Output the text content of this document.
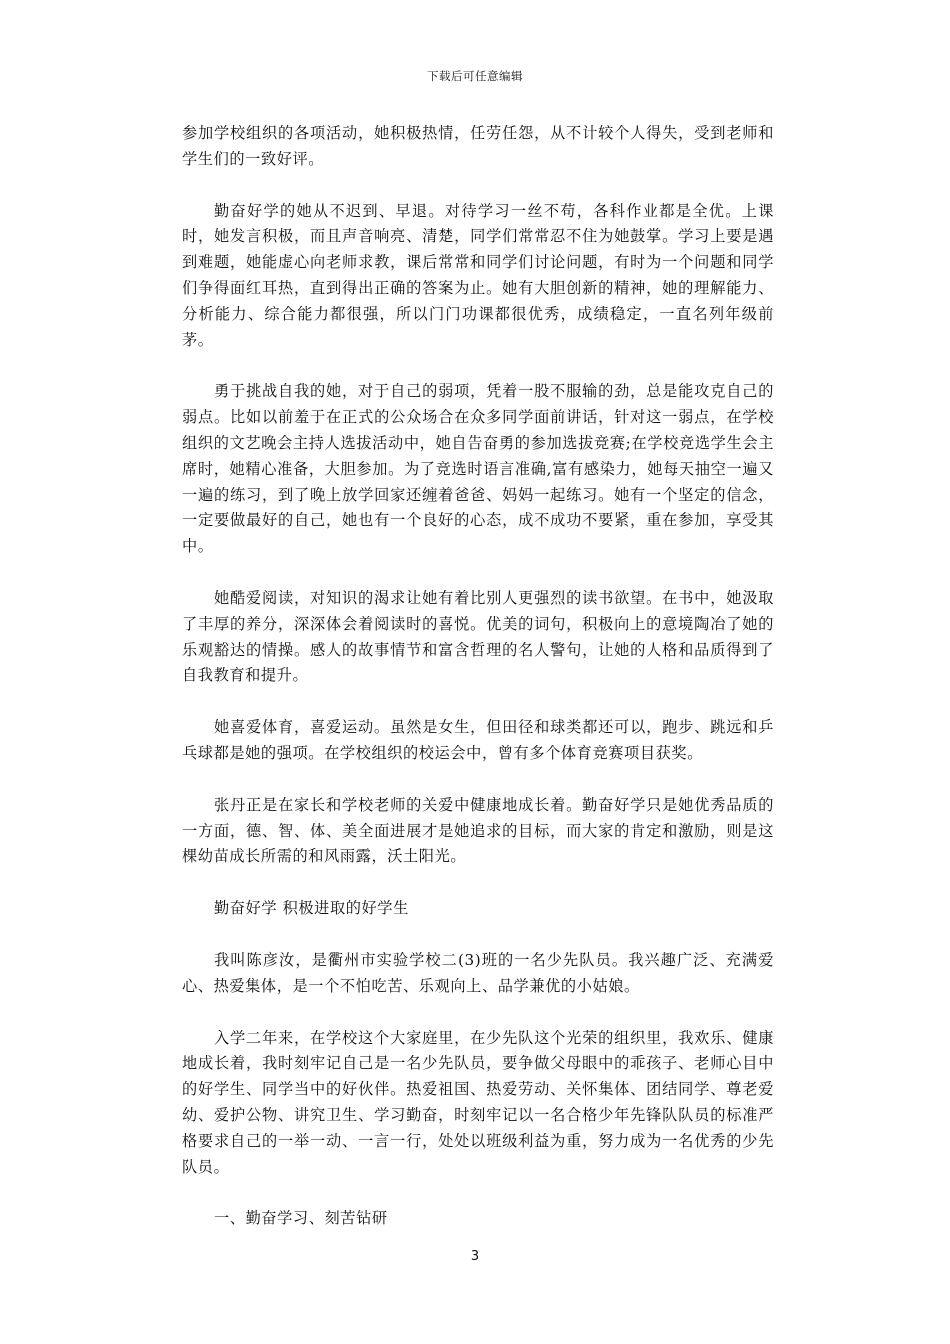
下载后可任意编辑

参加学校组织的各项活动，她积极热情，任劳任怨，从不计较个人得失，受到老师和学生们的一致好评。

勤奋好学的她从不迟到、早退。对待学习一丝不苟，各科作业都是全优。上课时，她发言积极，而且声音响亮、清楚，同学们常常忍不住为她鼓掌。学习上要是遇到难题，她能虚心向老师求教，课后常常和同学们讨论问题，有时为一个问题和同学们争得面红耳热，直到得出正确的答案为止。她有大胆创新的精神，她的理解能力、分析能力、综合能力都很强，所以门门功课都很优秀，成绩稳定，一直名列年级前茅。

勇于挑战自我的她，对于自己的弱项，凭着一股不服输的劲，总是能攻克自己的弱点。比如以前羞于在正式的公众场合在众多同学面前讲话，针对这一弱点，在学校组织的文艺晚会主持人选拔活动中，她自告奋勇的参加选拔竞赛;在学校竞选学生会主席时，她精心准备，大胆参加。为了竞选时语言准确,富有感染力，她每天抽空一遍又一遍的练习，到了晚上放学回家还缠着爸爸、妈妈一起练习。她有一个坚定的信念，一定要做最好的自己，她也有一个良好的心态，成不成功不要紧，重在参加，享受其中。

她酷爱阅读，对知识的渴求让她有着比别人更强烈的读书欲望。在书中，她汲取了丰厚的养分，深深体会着阅读时的喜悦。优美的词句，积极向上的意境陶冶了她的乐观豁达的情操。感人的故事情节和富含哲理的名人警句，让她的人格和品质得到了自我教育和提升。

她喜爱体育，喜爱运动。虽然是女生，但田径和球类都还可以，跑步、跳远和乒乓球都是她的强项。在学校组织的校运会中，曾有多个体育竞赛项目获奖。

张丹正是在家长和学校老师的关爱中健康地成长着。勤奋好学只是她优秀品质的一方面，德、智、体、美全面进展才是她追求的目标，而大家的肯定和激励，则是这棵幼苗成长所需的和风雨露，沃土阳光。

勤奋好学 积极进取的好学生

我叫陈彦汝，是衢州市实验学校二(3)班的一名少先队员。我兴趣广泛、充满爱心、热爱集体，是一个不怕吃苦、乐观向上、品学兼优的小姑娘。

入学二年来，在学校这个大家庭里，在少先队这个光荣的组织里，我欢乐、健康地成长着，我时刻牢记自己是一名少先队员，要争做父母眼中的乖孩子、老师心目中的好学生、同学当中的好伙伴。热爱祖国、热爱劳动、关怀集体、团结同学、尊老爱幼、爱护公物、讲究卫生、学习勤奋，时刻牢记以一名合格少年先锋队队员的标准严格要求自己的一举一动、一言一行，处处以班级利益为重，努力成为一名优秀的少先队员。

一、勤奋学习、刻苦钻研

3
